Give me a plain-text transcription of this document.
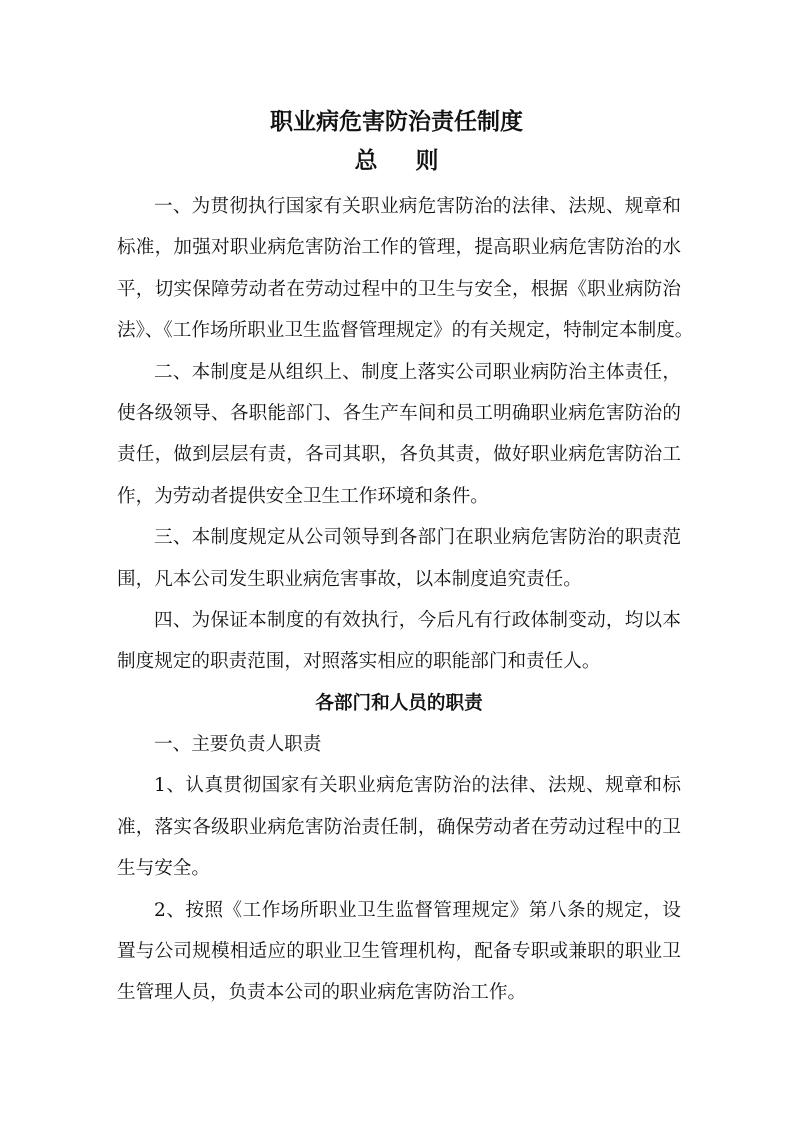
职业病危害防治责任制度
总 则
一、为贯彻执行国家有关职业病危害防治的法律、法规、规章和
标准，加强对职业病危害防治工作的管理，提高职业病危害防治的水
平，切实保障劳动者在劳动过程中的卫生与安全，根据《职业病防治
法》、《工作场所职业卫生监督管理规定》的有关规定，特制定本制度。
二、本制度是从组织上、制度上落实公司职业病防治主体责任，
使各级领导、各职能部门、各生产车间和员工明确职业病危害防治的
责任，做到层层有责，各司其职，各负其责，做好职业病危害防治工
作，为劳动者提供安全卫生工作环境和条件。
三、本制度规定从公司领导到各部门在职业病危害防治的职责范
围，凡本公司发生职业病危害事故，以本制度追究责任。
四、为保证本制度的有效执行，今后凡有行政体制变动，均以本
制度规定的职责范围，对照落实相应的职能部门和责任人。
各部门和人员的职责
一、主要负责人职责
1、认真贯彻国家有关职业病危害防治的法律、法规、规章和标
准，落实各级职业病危害防治责任制，确保劳动者在劳动过程中的卫
生与安全。
2、按照《工作场所职业卫生监督管理规定》第八条的规定，设
置与公司规模相适应的职业卫生管理机构，配备专职或兼职的职业卫
生管理人员，负责本公司的职业病危害防治工作。
